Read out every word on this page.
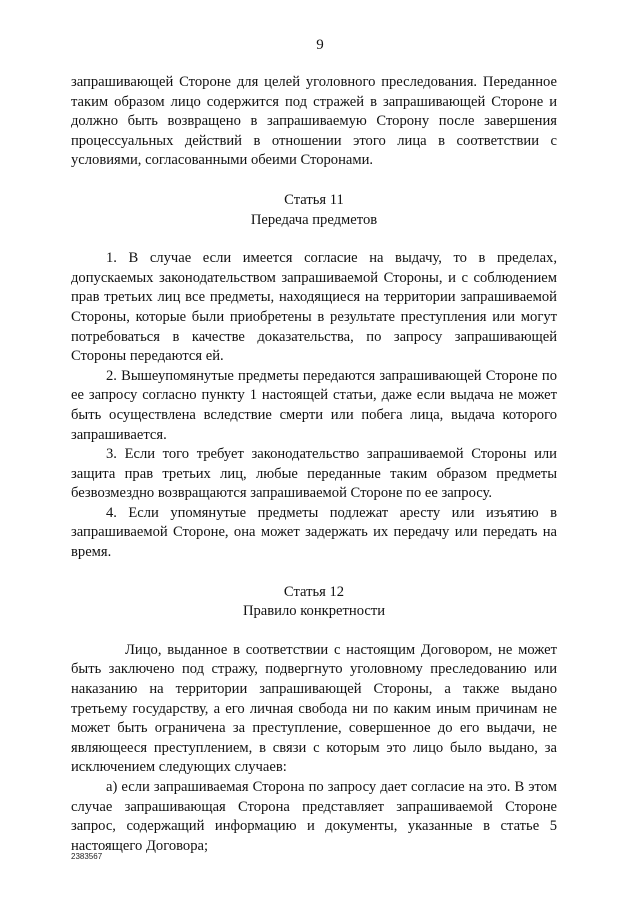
9

запрашивающей Стороне для целей уголовного преследования. Переданное таким образом лицо содержится под стражей в запрашивающей Стороне и должно быть возвращено в запрашиваемую Сторону после завершения процессуальных действий в отношении этого лица в соответствии с условиями, согласованными обеими Сторонами.

Статья 11

Передача предметов

1. В случае если имеется согласие на выдачу, то в пределах, допускаемых законодательством запрашиваемой Стороны, и с соблюдением прав третьих лиц все предметы, находящиеся на территории запрашиваемой Стороны, которые были приобретены в результате преступления или могут потребоваться в качестве доказательства, по запросу запрашивающей Стороны передаются ей.

2. Вышеупомянутые предметы передаются запрашивающей Стороне по ее запросу согласно пункту 1 настоящей статьи, даже если выдача не может быть осуществлена вследствие смерти или побега лица, выдача которого запрашивается.

3. Если того требует законодательство запрашиваемой Стороны или защита прав третьих лиц, любые переданные таким образом предметы безвозмездно возвращаются запрашиваемой Стороне по ее запросу.

4. Если упомянутые предметы подлежат аресту или изъятию в запрашиваемой Стороне, она может задержать их передачу или передать на время.

Статья 12

Правило конкретности

Лицо, выданное в соответствии с настоящим Договором, не может быть заключено под стражу, подвергнуто уголовному преследованию или наказанию на территории запрашивающей Стороны, а также выдано третьему государству, а его личная свобода ни по каким иным причинам не может быть ограничена за преступление, совершенное до его выдачи, не являющееся преступлением, в связи с которым это лицо было выдано, за исключением следующих случаев:

а) если запрашиваемая Сторона по запросу дает согласие на это. В этом случае запрашивающая Сторона представляет запрашиваемой Стороне запрос, содержащий информацию и документы, указанные в статье 5 настоящего Договора;

2383567
